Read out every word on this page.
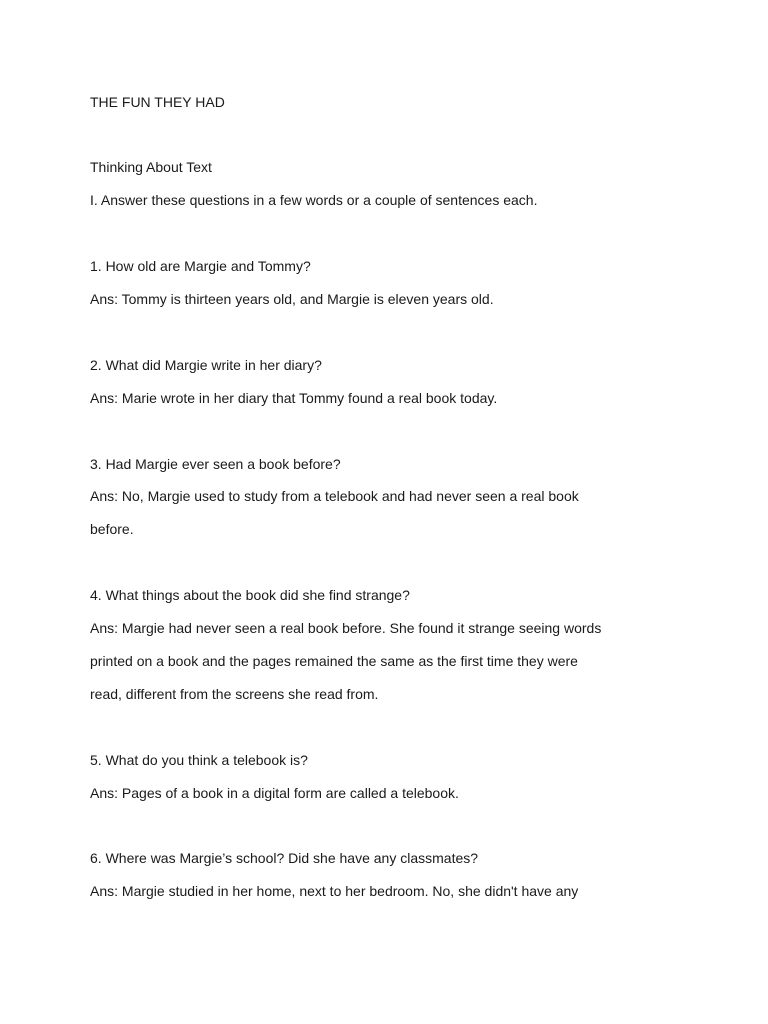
THE FUN THEY HAD

Thinking About Text

I. Answer these questions in a few words or a couple of sentences each.

1. How old are Margie and Tommy?

Ans: Tommy is thirteen years old, and Margie is eleven years old.

2. What did Margie write in her diary?

Ans: Marie wrote in her diary that Tommy found a real book today.

3. Had Margie ever seen a book before?

Ans: No, Margie used to study from a telebook and had never seen a real book

before.

4. What things about the book did she find strange?

Ans: Margie had never seen a real book before. She found it strange seeing words

printed on a book and the pages remained the same as the first time they were

read, different from the screens she read from.

5. What do you think a telebook is?

Ans: Pages of a book in a digital form are called a telebook.

6. Where was Margie’s school? Did she have any classmates?

Ans: Margie studied in her home, next to her bedroom. No, she didn't have any
